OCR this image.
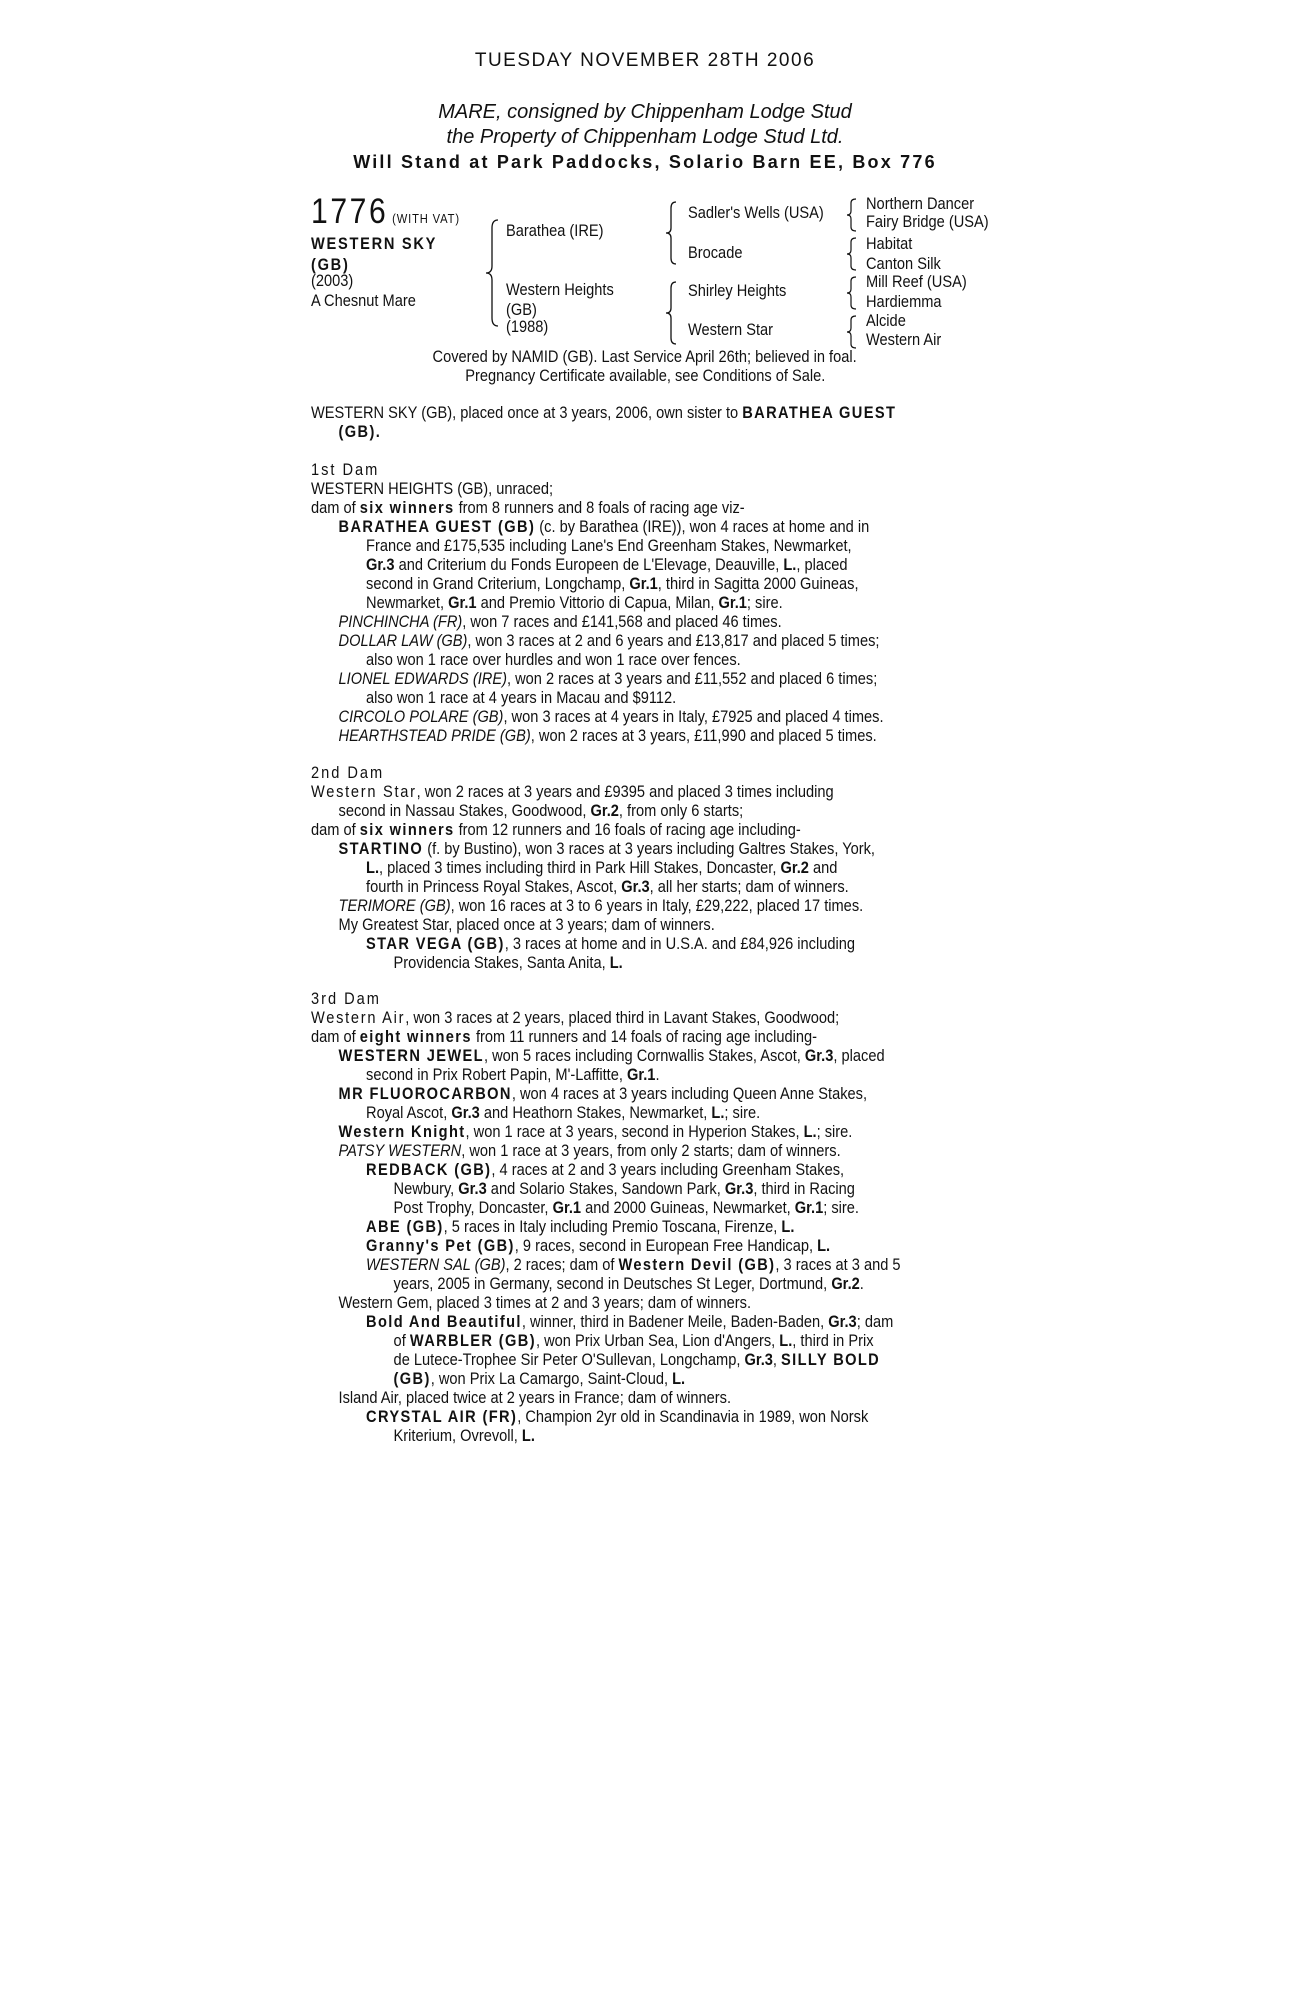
TUESDAY NOVEMBER 28TH 2006
MARE, consigned by Chippenham Lodge Stud
the Property of Chippenham Lodge Stud Ltd.
Will Stand at Park Paddocks, Solario Barn EE, Box 776
1776 (WITH VAT)
WESTERN SKY
(GB)
(2003)
A Chesnut Mare
Barathea (IRE)
Western Heights
(GB)
(1988)
Sadler's Wells (USA)
Brocade
Shirley Heights
Western Star
Northern Dancer
Fairy Bridge (USA)
Habitat
Canton Silk
Mill Reef (USA)
Hardiemma
Alcide
Western Air
Covered by NAMID (GB). Last Service April 26th; believed in foal.
Pregnancy Certificate available, see Conditions of Sale.
WESTERN SKY (GB), placed once at 3 years, 2006, own sister to BARATHEA GUEST
(GB).
1st Dam
WESTERN HEIGHTS (GB), unraced;
dam of six winners from 8 runners and 8 foals of racing age viz-
BARATHEA GUEST (GB) (c. by Barathea (IRE)), won 4 races at home and in
France and £175,535 including Lane's End Greenham Stakes, Newmarket,
Gr.3 and Criterium du Fonds Europeen de L'Elevage, Deauville, L., placed
second in Grand Criterium, Longchamp, Gr.1, third in Sagitta 2000 Guineas,
Newmarket, Gr.1 and Premio Vittorio di Capua, Milan, Gr.1; sire.
PINCHINCHA (FR), won 7 races and £141,568 and placed 46 times.
DOLLAR LAW (GB), won 3 races at 2 and 6 years and £13,817 and placed 5 times;
also won 1 race over hurdles and won 1 race over fences.
LIONEL EDWARDS (IRE), won 2 races at 3 years and £11,552 and placed 6 times;
also won 1 race at 4 years in Macau and $9112.
CIRCOLO POLARE (GB), won 3 races at 4 years in Italy, £7925 and placed 4 times.
HEARTHSTEAD PRIDE (GB), won 2 races at 3 years, £11,990 and placed 5 times.
2nd Dam
Western Star, won 2 races at 3 years and £9395 and placed 3 times including
second in Nassau Stakes, Goodwood, Gr.2, from only 6 starts;
dam of six winners from 12 runners and 16 foals of racing age including-
STARTINO (f. by Bustino), won 3 races at 3 years including Galtres Stakes, York,
L., placed 3 times including third in Park Hill Stakes, Doncaster, Gr.2 and
fourth in Princess Royal Stakes, Ascot, Gr.3, all her starts; dam of winners.
TERIMORE (GB), won 16 races at 3 to 6 years in Italy, £29,222, placed 17 times.
My Greatest Star, placed once at 3 years; dam of winners.
STAR VEGA (GB), 3 races at home and in U.S.A. and £84,926 including
Providencia Stakes, Santa Anita, L.
3rd Dam
Western Air, won 3 races at 2 years, placed third in Lavant Stakes, Goodwood;
dam of eight winners from 11 runners and 14 foals of racing age including-
WESTERN JEWEL, won 5 races including Cornwallis Stakes, Ascot, Gr.3, placed
second in Prix Robert Papin, M'-Laffitte, Gr.1.
MR FLUOROCARBON, won 4 races at 3 years including Queen Anne Stakes,
Royal Ascot, Gr.3 and Heathorn Stakes, Newmarket, L.; sire.
Western Knight, won 1 race at 3 years, second in Hyperion Stakes, L.; sire.
PATSY WESTERN, won 1 race at 3 years, from only 2 starts; dam of winners.
REDBACK (GB), 4 races at 2 and 3 years including Greenham Stakes,
Newbury, Gr.3 and Solario Stakes, Sandown Park, Gr.3, third in Racing
Post Trophy, Doncaster, Gr.1 and 2000 Guineas, Newmarket, Gr.1; sire.
ABE (GB), 5 races in Italy including Premio Toscana, Firenze, L.
Granny's Pet (GB), 9 races, second in European Free Handicap, L.
WESTERN SAL (GB), 2 races; dam of Western Devil (GB), 3 races at 3 and 5
years, 2005 in Germany, second in Deutsches St Leger, Dortmund, Gr.2.
Western Gem, placed 3 times at 2 and 3 years; dam of winners.
Bold And Beautiful, winner, third in Badener Meile, Baden-Baden, Gr.3; dam
of WARBLER (GB), won Prix Urban Sea, Lion d'Angers, L., third in Prix
de Lutece-Trophee Sir Peter O'Sullevan, Longchamp, Gr.3, SILLY BOLD
(GB), won Prix La Camargo, Saint-Cloud, L.
Island Air, placed twice at 2 years in France; dam of winners.
CRYSTAL AIR (FR), Champion 2yr old in Scandinavia in 1989, won Norsk
Kriterium, Ovrevoll, L.
